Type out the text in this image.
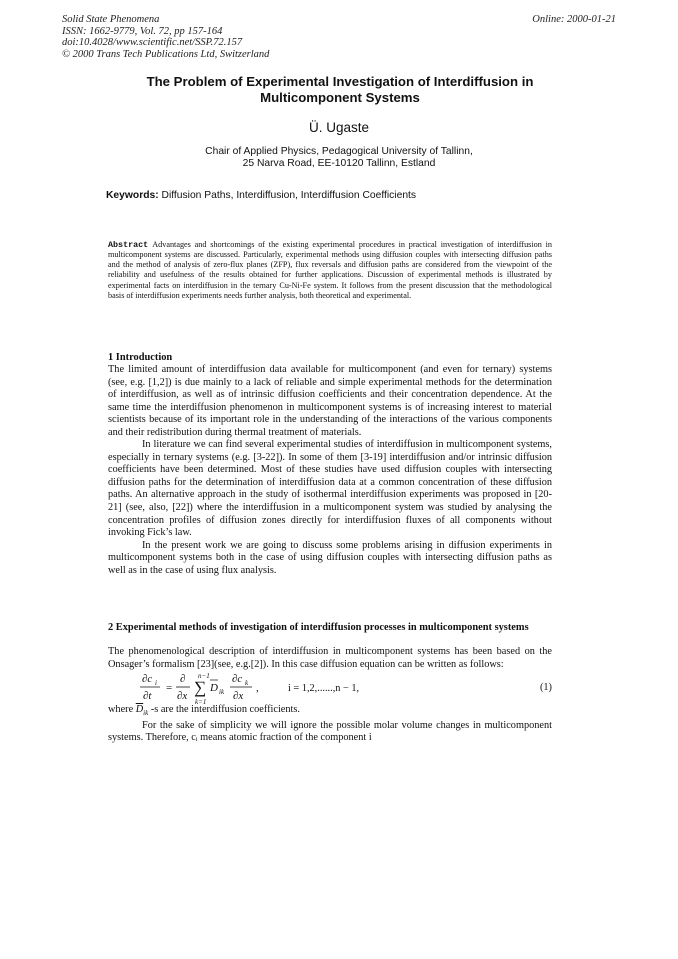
Solid State Phenomena
ISSN: 1662-9779, Vol. 72, pp 157-164
doi:10.4028/www.scientific.net/SSP.72.157
© 2000 Trans Tech Publications Ltd, Switzerland
Online: 2000-01-21
The Problem of Experimental Investigation of Interdiffusion in
Multicomponent Systems
Ü. Ugaste
Chair of Applied Physics, Pedagogical University of Tallinn,
25 Narva Road, EE-10120 Tallinn, Estland
Keywords: Diffusion Paths, Interdiffusion, Interdiffusion Coefficients
Abstract Advantages and shortcomings of the existing experimental procedures in practical investigation of interdiffusion in multicomponent systems are discussed. Particularly, experimental methods using diffusion couples with intersecting diffusion paths and the method of analysis of zero-flux planes (ZFP), flux reversals and diffusion paths are considered from the viewpoint of the reliability and usefulness of the results obtained for further applications. Discussion of experimental methods is illustrated by experimental facts on interdiffusion in the ternary Cu-Ni-Fe system. It follows from the present discussion that the methodological basis of interdiffusion experiments needs further analysis, both theoretical and experimental.
1 Introduction

The limited amount of interdiffusion data available for multicomponent (and even for ternary) systems (see, e.g. [1,2]) is due mainly to a lack of reliable and simple experimental methods for the determination of interdiffusion, as well as of intrinsic diffusion coefficients and their concentration dependence. At the same time the interdiffusion phenomenon in multicomponent systems is of increasing interest to material scientists because of its important role in the understanding of the interactions of the various components and their redistribution during thermal treatment of materials.

In literature we can find several experimental studies of interdiffusion in multicomponent systems, especially in ternary systems (e.g. [3-22]). In some of them [3-19] interdiffusion and/or intrinsic diffusion coefficients have been determined. Most of these studies have used diffusion couples with intersecting diffusion paths for the determination of interdiffusion data at a common concentration of these diffusion paths. An alternative approach in the study of isothermal interdiffusion experiments was proposed in [20-21] (see, also, [22]) where the interdiffusion in a multicomponent system was studied by analysing the concentration profiles of diffusion zones directly for interdiffusion fluxes of all components without invoking Fick’s law.

In the present work we are going to discuss some problems arising in diffusion experiments in multicomponent systems both in the case of using diffusion couples with intersecting diffusion paths as well as in the case of using flux analysis.

2 Experimental methods of investigation of interdiffusion processes in multicomponent systems
The phenomenological description of interdiffusion in multicomponent systems has been based on the Onsager’s formalism [23](see, e.g.[2]). In this case diffusion equation can be written as follows:
∂c i
∂t
=
∂
∂x
n−1
∑
k=1
D ik
∂c k
∂x
,	i = 1,2,......,n − 1,	(1)
where $\overline{D}_{ik}$ -s are the interdiffusion coefficients.

For the sake of simplicity we will ignore the possible molar volume changes in multicomponent systems. Therefore, cᵢ means atomic fraction of the component i
